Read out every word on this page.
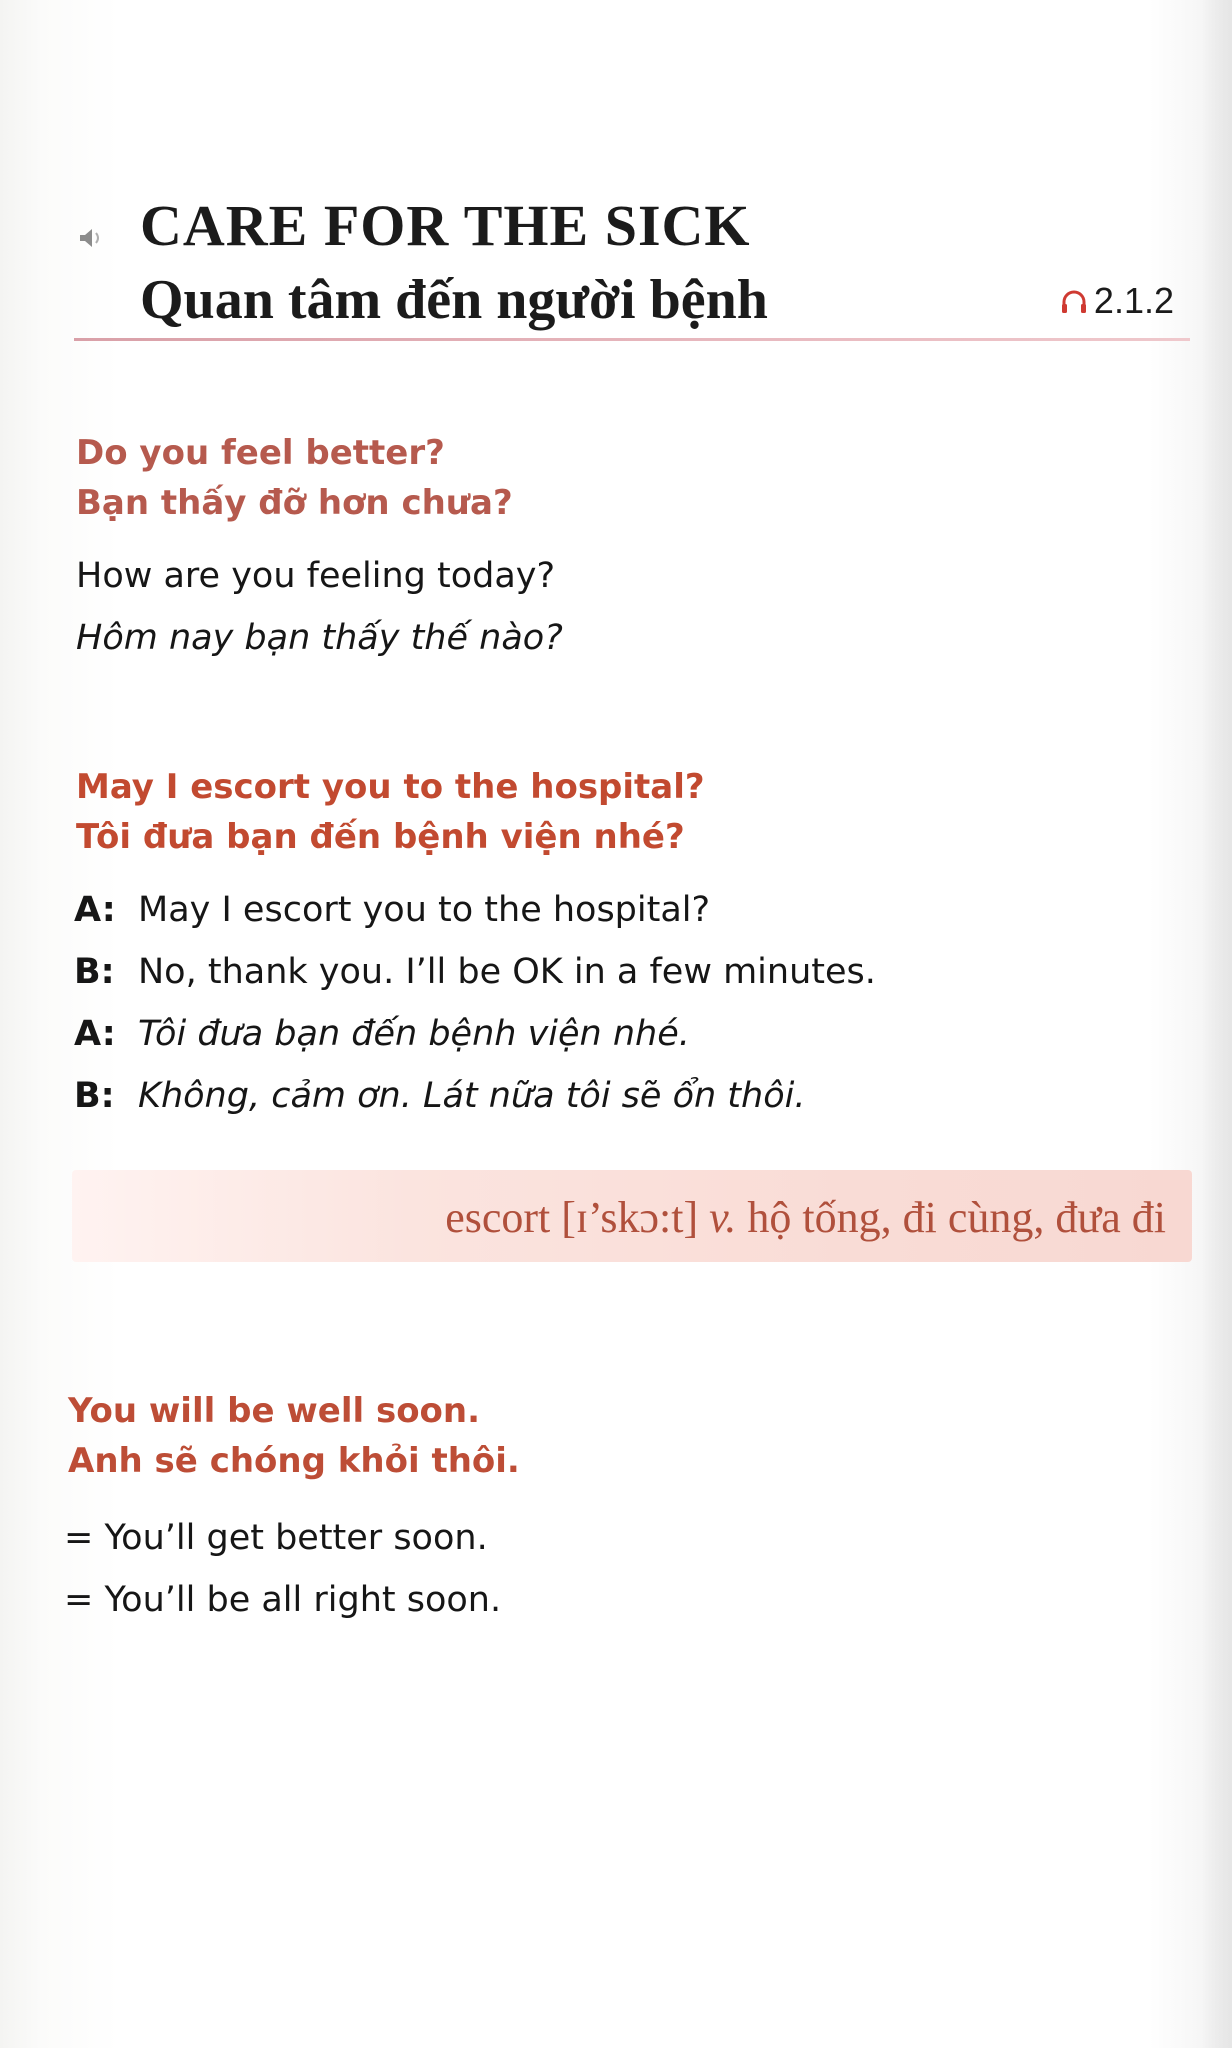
CARE FOR THE SICK
Quan tâm đến người bệnh	2.1.2
Do you feel better?
Bạn thấy đỡ hơn chưa?
How are you feeling today?
Hôm nay bạn thấy thế nào?
May I escort you to the hospital?
Tôi đưa bạn đến bệnh viện nhé?
A: May I escort you to the hospital?
B: No, thank you. I’ll be OK in a few minutes.
A: Tôi đưa bạn đến bệnh viện nhé.
B: Không, cảm ơn. Lát nữa tôi sẽ ổn thôi.
escort [ɪ’skɔ:t] v. hộ tống, đi cùng, đưa đi
You will be well soon.
Anh sẽ chóng khỏi thôi.
= You’ll get better soon.
= You’ll be all right soon.
